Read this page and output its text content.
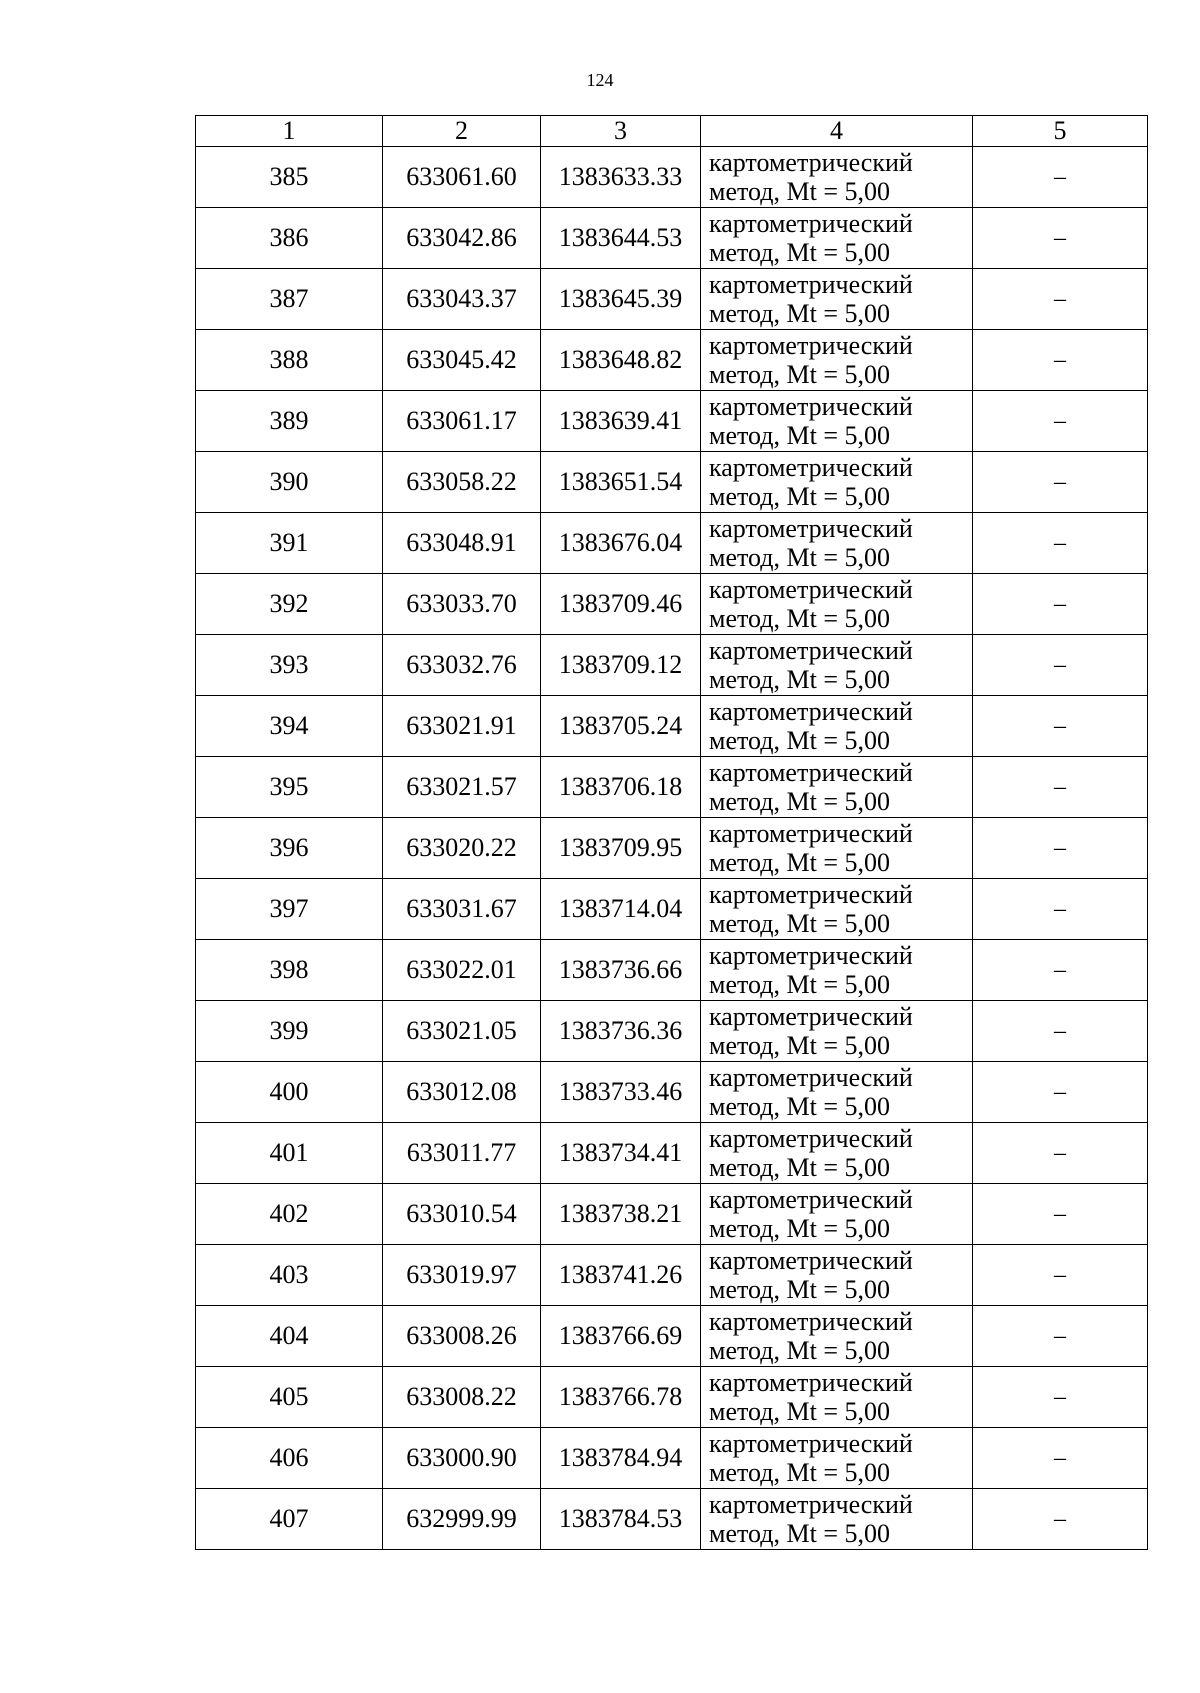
124
1	2	3	4	5
385	633061.60	1383633.33	картометрический
метод, Mt = 5,00	–
386	633042.86	1383644.53	картометрический
метод, Mt = 5,00	–
387	633043.37	1383645.39	картометрический
метод, Mt = 5,00	–
388	633045.42	1383648.82	картометрический
метод, Mt = 5,00	–
389	633061.17	1383639.41	картометрический
метод, Mt = 5,00	–
390	633058.22	1383651.54	картометрический
метод, Mt = 5,00	–
391	633048.91	1383676.04	картометрический
метод, Mt = 5,00	–
392	633033.70	1383709.46	картометрический
метод, Mt = 5,00	–
393	633032.76	1383709.12	картометрический
метод, Mt = 5,00	–
394	633021.91	1383705.24	картометрический
метод, Mt = 5,00	–
395	633021.57	1383706.18	картометрический
метод, Mt = 5,00	–
396	633020.22	1383709.95	картометрический
метод, Mt = 5,00	–
397	633031.67	1383714.04	картометрический
метод, Mt = 5,00	–
398	633022.01	1383736.66	картометрический
метод, Mt = 5,00	–
399	633021.05	1383736.36	картометрический
метод, Mt = 5,00	–
400	633012.08	1383733.46	картометрический
метод, Mt = 5,00	–
401	633011.77	1383734.41	картометрический
метод, Mt = 5,00	–
402	633010.54	1383738.21	картометрический
метод, Mt = 5,00	–
403	633019.97	1383741.26	картометрический
метод, Mt = 5,00	–
404	633008.26	1383766.69	картометрический
метод, Mt = 5,00	–
405	633008.22	1383766.78	картометрический
метод, Mt = 5,00	–
406	633000.90	1383784.94	картометрический
метод, Mt = 5,00	–
407	632999.99	1383784.53	картометрический
метод, Mt = 5,00	–
